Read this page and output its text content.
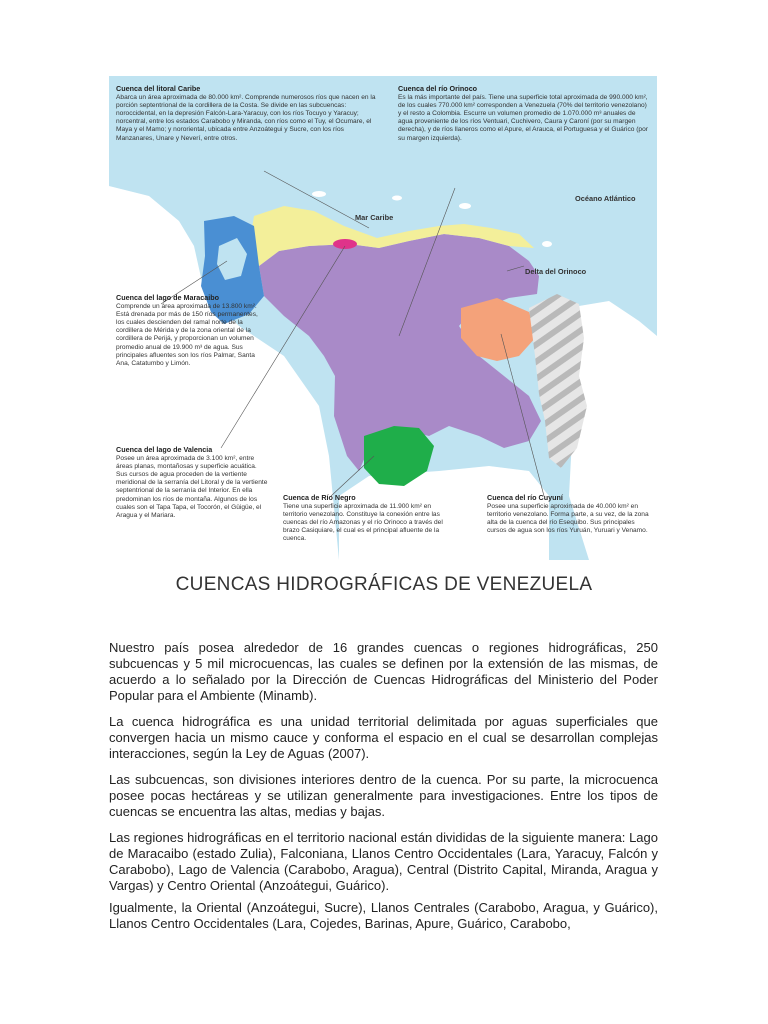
Cuenca del litoral Caribe

Abarca un área aproximada de 80.000 km². Comprende numerosos ríos que nacen en la porción septentrional de la cordillera de la Costa. Se divide en las subcuencas: noroccidental, en la depresión Falcón-Lara-Yaracuy, con los ríos Tocuyo y Yaracuy; norcentral, entre los estados Carabobo y Miranda, con ríos como el Tuy, el Ocumare, el Maya y el Mamo; y nororiental, ubicada entre Anzoátegui y Sucre, con los ríos Manzanares, Unare y Neverí, entre otros.

Cuenca del río Orinoco

Es la más importante del país. Tiene una superficie total aproximada de 990.000 km², de los cuales 770.000 km² corresponden a Venezuela (70% del territorio venezolano) y el resto a Colombia. Escurre un volumen promedio de 1.070.000 m³ anuales de agua proveniente de los ríos Ventuari, Cuchivero, Caura y Caroní (por su margen derecha), y de ríos llaneros como el Apure, el Arauca, el Portuguesa y el Guárico (por su margen izquierda).

Cuenca del lago de Maracaibo

Comprende un área aproximada de 13.800 km². Está drenada por más de 150 ríos permanentes, los cuales descienden del ramal norte de la cordillera de Mérida y de la zona oriental de la cordillera de Perijá, y proporcionan un volumen promedio anual de 19.900 m³ de agua. Sus principales afluentes son los ríos Palmar, Santa Ana, Catatumbo y Limón.

Cuenca del lago de Valencia

Posee un área aproximada de 3.100 km², entre áreas planas, montañosas y superficie acuática. Sus cursos de agua proceden de la vertiente meridional de la serranía del Litoral y de la vertiente septentrional de la serranía del Interior. En ella predominan los ríos de montaña. Algunos de los cuales son el Tapa Tapa, el Tocorón, el Güigüe, el Aragua y el Mariara.

Cuenca de Río Negro

Tiene una superficie aproximada de 11.900 km² en territorio venezolano. Constituye la conexión entre las cuencas del río Amazonas y el río Orinoco a través del brazo Casiquiare, el cual es el principal afluente de la cuenca.

Cuenca del río Cuyuní

Posee una superficie aproximada de 40.000 km² en territorio venezolano. Forma parte, a su vez, de la zona alta de la cuenca del río Esequibo. Sus principales cursos de agua son los ríos Yuruán, Yuruari y Venamo.

Mar Caribe
Océano Atlántico
Delta del Orinoco
CUENCAS HIDROGRÁFICAS DE VENEZUELA

Nuestro país posea alrededor de 16 grandes cuencas o regiones hidrográficas, 250 subcuencas y 5 mil microcuencas, las cuales se definen por la extensión de las mismas, de acuerdo a lo señalado por la Dirección de Cuencas Hidrográficas del Ministerio del Poder Popular para el Ambiente (Minamb).

La cuenca hidrográfica es una unidad territorial delimitada por aguas superficiales que convergen hacia un mismo cauce y conforma el espacio en el cual se desarrollan complejas interacciones, según la Ley de Aguas (2007).

Las subcuencas, son divisiones interiores dentro de la cuenca. Por su parte, la microcuenca posee pocas hectáreas y se utilizan generalmente para investigaciones. Entre los tipos de cuencas se encuentra las altas, medias y bajas.

Las regiones hidrográficas en el territorio nacional están divididas de la siguiente manera: Lago de Maracaibo (estado Zulia), Falconiana, Llanos Centro Occidentales (Lara, Yaracuy, Falcón y Carabobo), Lago de Valencia (Carabobo, Aragua), Central (Distrito Capital, Miranda, Aragua y Vargas) y Centro Oriental (Anzoátegui, Guárico).

Igualmente, la Oriental (Anzoátegui, Sucre), Llanos Centrales (Carabobo, Aragua, y Guárico), Llanos Centro Occidentales (Lara, Cojedes, Barinas, Apure, Guárico, Carabobo,
